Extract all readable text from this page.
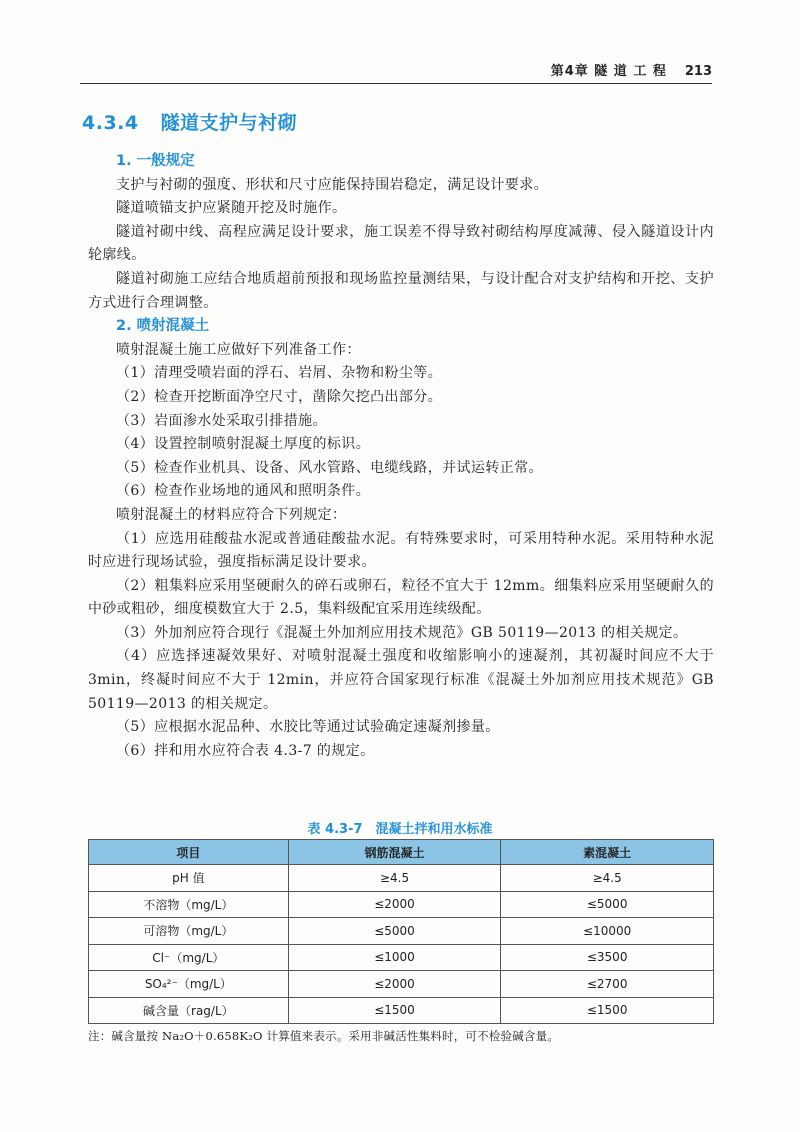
第4章 隧 道 工 程 213
4.3.4 隧道支护与衬砌
1. 一般规定

支护与衬砌的强度、形状和尺寸应能保持围岩稳定，满足设计要求。

隧道喷锚支护应紧随开挖及时施作。

隧道衬砌中线、高程应满足设计要求，施工误差不得导致衬砌结构厚度减薄、侵入隧道设计内轮廓线。

隧道衬砌施工应结合地质超前预报和现场监控量测结果，与设计配合对支护结构和开挖、支护方式进行合理调整。

2. 喷射混凝土

喷射混凝土施工应做好下列准备工作：

（1）清理受喷岩面的浮石、岩屑、杂物和粉尘等。

（2）检查开挖断面净空尺寸，凿除欠挖凸出部分。

（3）岩面渗水处采取引排措施。

（4）设置控制喷射混凝土厚度的标识。

（5）检查作业机具、设备、风水管路、电缆线路，并试运转正常。

（6）检查作业场地的通风和照明条件。

喷射混凝土的材料应符合下列规定：

（1）应选用硅酸盐水泥或普通硅酸盐水泥。有特殊要求时，可采用特种水泥。采用特种水泥时应进行现场试验，强度指标满足设计要求。

（2）粗集料应采用坚硬耐久的碎石或卵石，粒径不宜大于 12mm。细集料应采用坚硬耐久的中砂或粗砂，细度模数宜大于 2.5，集料级配宜采用连续级配。

（3）外加剂应符合现行《混凝土外加剂应用技术规范》GB 50119—2013 的相关规定。

（4）应选择速凝效果好、对喷射混凝土强度和收缩影响小的速凝剂，其初凝时间应不大于 3min，终凝时间应不大于 12min，并应符合国家现行标准《混凝土外加剂应用技术规范》GB 50119—2013 的相关规定。

（5）应根据水泥品种、水胶比等通过试验确定速凝剂掺量。

（6）拌和用水应符合表 4.3-7 的规定。

表 4.3-7　混凝土拌和用水标准
项目	钢筋混凝土	素混凝土
pH 值	≥4.5	≥4.5
不溶物（mg/L）	≤2000	≤5000
可溶物（mg/L）	≤5000	≤10000
Cl⁻（mg/L）	≤1000	≤3500
SO₄²⁻（mg/L）	≤2000	≤2700
碱含量（rag/L）	≤1500	≤1500
注：碱含量按 Na₂O＋0.658K₂O 计算值来表示。采用非碱活性集料时，可不检验碱含量。
